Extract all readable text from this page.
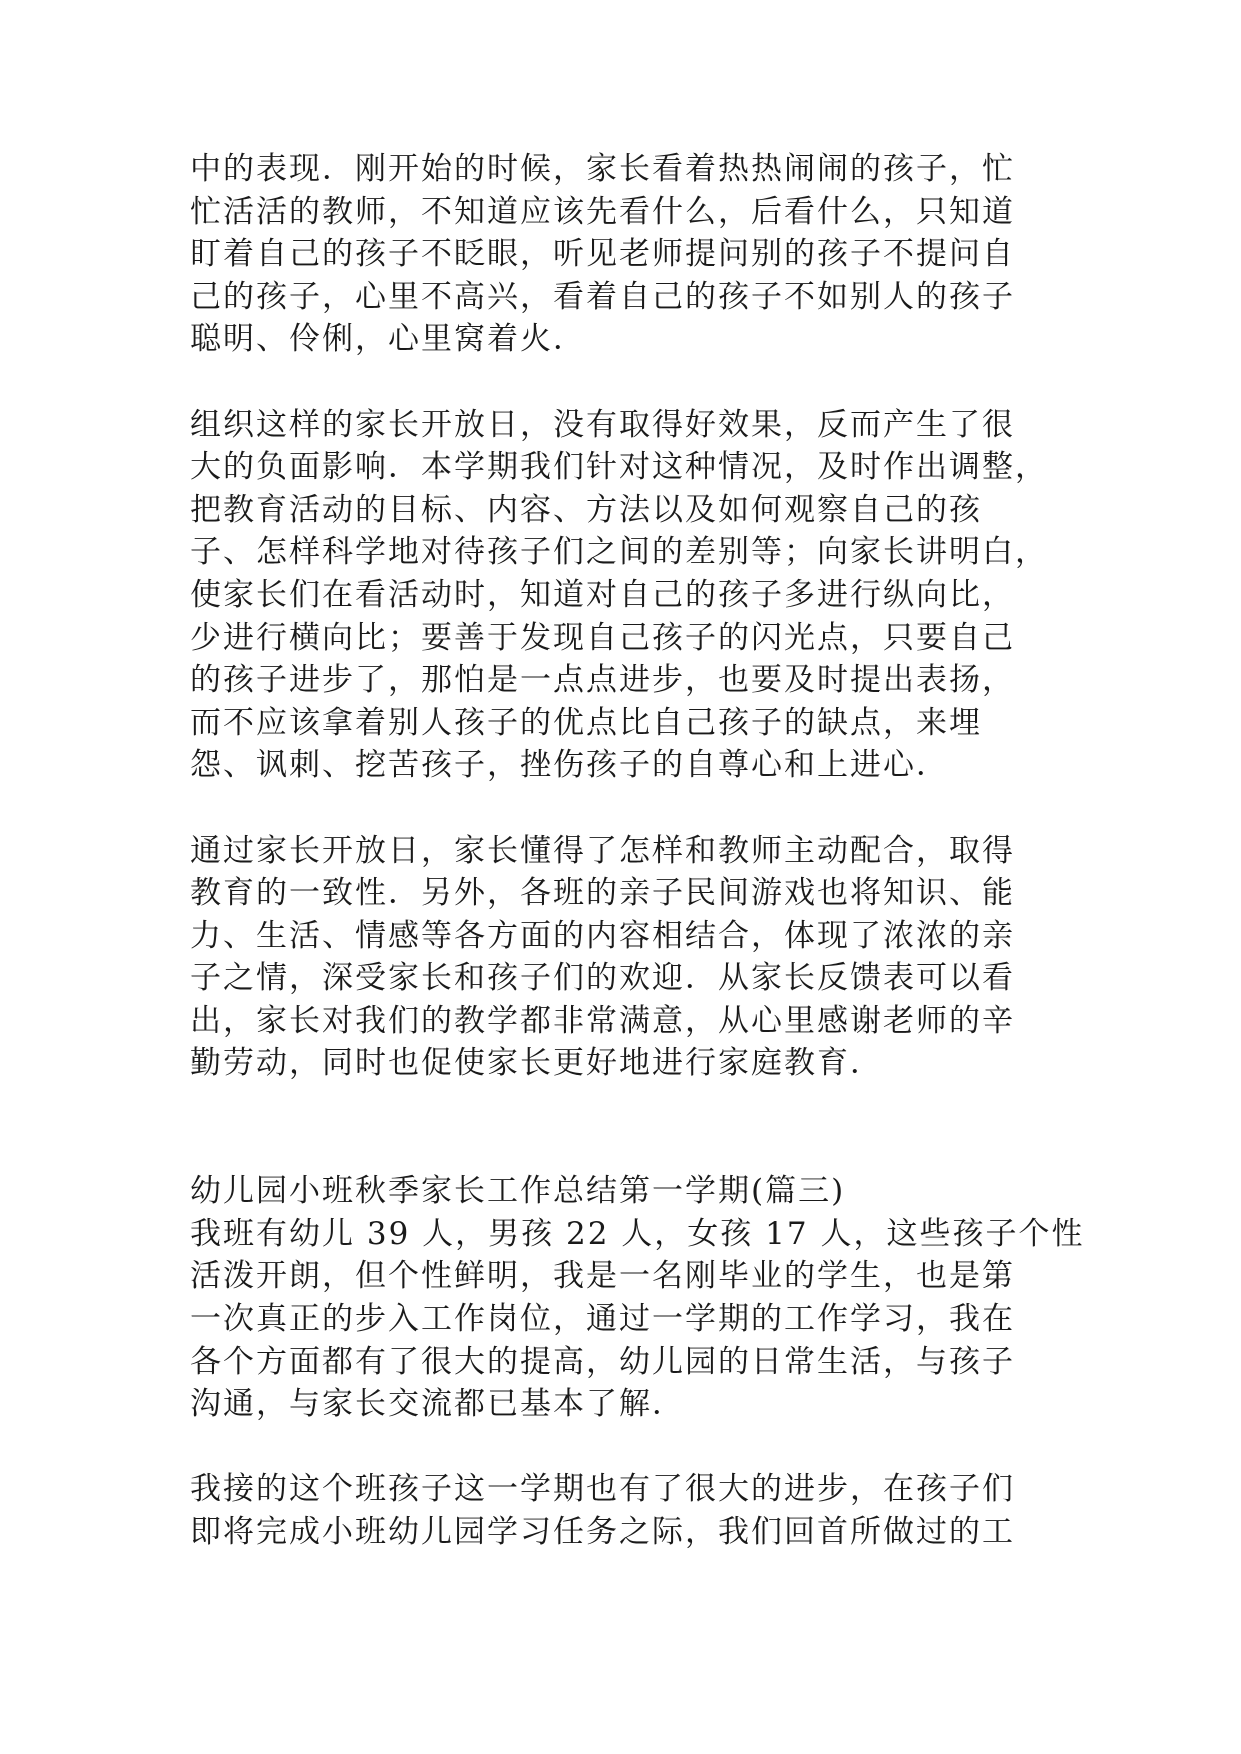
中的表现．刚开始的时候，家长看着热热闹闹的孩子，忙
忙活活的教师，不知道应该先看什么，后看什么，只知道
盯着自己的孩子不眨眼，听见老师提问别的孩子不提问自
己的孩子，心里不高兴，看着自己的孩子不如别人的孩子
聪明、伶俐，心里窝着火．
组织这样的家长开放日，没有取得好效果，反而产生了很
大的负面影响．本学期我们针对这种情况，及时作出调整，
把教育活动的目标、内容、方法以及如何观察自己的孩
子、怎样科学地对待孩子们之间的差别等；向家长讲明白，
使家长们在看活动时，知道对自己的孩子多进行纵向比，
少进行横向比；要善于发现自己孩子的闪光点，只要自己
的孩子进步了，那怕是一点点进步，也要及时提出表扬，
而不应该拿着别人孩子的优点比自己孩子的缺点，来埋
怨、讽刺、挖苦孩子，挫伤孩子的自尊心和上进心．
通过家长开放日，家长懂得了怎样和教师主动配合，取得
教育的一致性．另外，各班的亲子民间游戏也将知识、能
力、生活、情感等各方面的内容相结合，体现了浓浓的亲
子之情，深受家长和孩子们的欢迎．从家长反馈表可以看
出，家长对我们的教学都非常满意，从心里感谢老师的辛
勤劳动，同时也促使家长更好地进行家庭教育．
幼儿园小班秋季家长工作总结第一学期(篇三)
我班有幼儿 39 人，男孩 22 人，女孩 17 人，这些孩子个性
活泼开朗，但个性鲜明，我是一名刚毕业的学生，也是第
一次真正的步入工作岗位，通过一学期的工作学习，我在
各个方面都有了很大的提高，幼儿园的日常生活，与孩子
沟通，与家长交流都已基本了解．
我接的这个班孩子这一学期也有了很大的进步，在孩子们
即将完成小班幼儿园学习任务之际，我们回首所做过的工
